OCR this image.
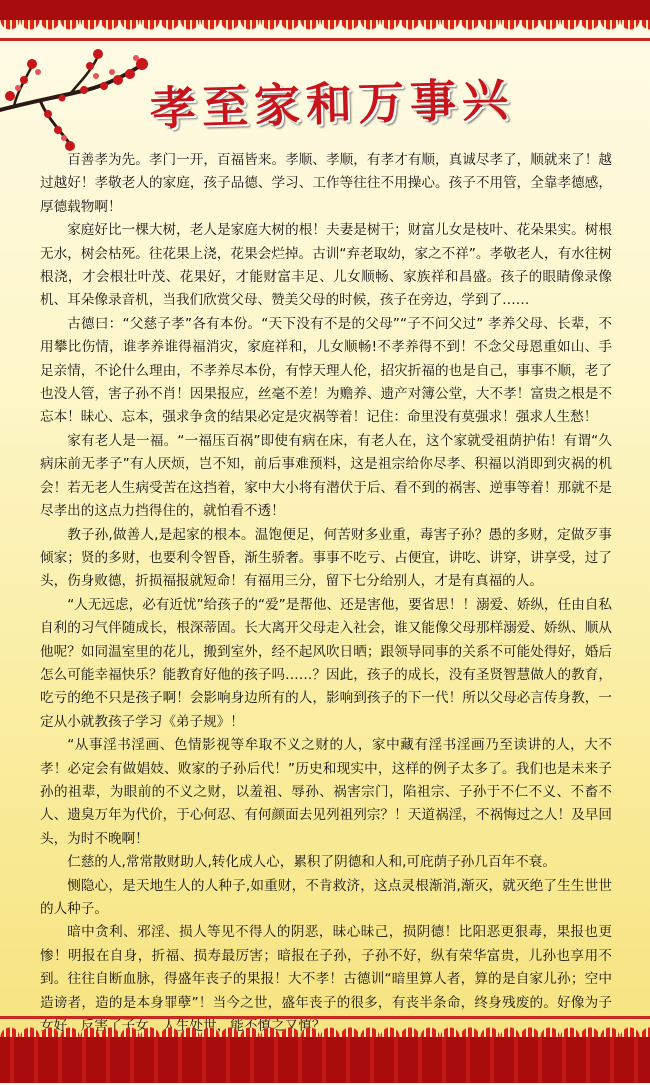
孝至家和万事兴

百善孝为先。孝门一开，百福皆来。孝顺、孝顺，有孝才有顺，真诚尽孝了，顺就来了！越过越好！孝敬老人的家庭，孩子品德、学习、工作等往往不用操心。孩子不用管，全靠孝德感，厚德载物啊！

家庭好比一棵大树，老人是家庭大树的根！夫妻是树干；财富儿女是枝叶、花朵果实。树根无水，树会枯死。往花果上浇，花果会烂掉。古训“弃老取幼，家之不祥”。孝敬老人，有水往树根浇，才会根壮叶茂、花果好，才能财富丰足、儿女顺畅、家族祥和昌盛。孩子的眼睛像录像机、耳朵像录音机，当我们欣赏父母、赞美父母的时候，孩子在旁边，学到了……

古德曰：“父慈子孝”各有本份。“天下没有不是的父母”“子不问父过” 孝养父母、长辈，不用攀比伤情，谁孝养谁得福消灾，家庭祥和，儿女顺畅!不孝养得不到！不念父母恩重如山、手足亲情，不论什么理由，不孝养尽本份，有悖天理人伦，招灾折福的也是自己，事事不顺，老了也没人管，害子孙不肖！因果报应，丝毫不差！为赡养、遗产对簿公堂，大不孝！富贵之根是不忘本！昧心、忘本，强求争贪的结果必定是灾祸等着！记住：命里没有莫强求！强求人生愁！

家有老人是一福。“一福压百祸”即使有病在床，有老人在，这个家就受祖荫护佑！有谓“久病床前无孝子”有人厌烦，岂不知，前后事难预料，这是祖宗给你尽孝、积福以消即到灾祸的机会！若无老人生病受苦在这挡着，家中大小将有潜伏于后、看不到的祸害、逆事等着！那就不是尽孝出的这点力挡得住的，就怕看不透！

教子孙,做善人,是起家的根本。温饱便足，何苦财多业重，毒害子孙？愚的多财，定做歹事倾家；贤的多财，也要利令智昏，渐生骄奢。事事不吃亏、占便宜，讲吃、讲穿，讲享受，过了头，伤身败德，折损福报就短命！有福用三分，留下七分给别人，才是有真福的人。

“人无远虑，必有近忧”给孩子的“爱”是帮他、还是害他，要省思！！溺爱、娇纵，任由自私自利的习气伴随成长，根深蒂固。长大离开父母走入社会，谁又能像父母那样溺爱、娇纵、顺从他呢？如同温室里的花儿，搬到室外，经不起风吹日晒；跟领导同事的关系不可能处得好，婚后怎么可能幸福快乐？能教育好他的孩子吗……？因此，孩子的成长，没有圣贤智慧做人的教育，吃亏的绝不只是孩子啊！会影响身边所有的人，影响到孩子的下一代！所以父母必言传身教，一定从小就教孩子学习《弟子规》！

“从事淫书淫画、色情影视等牟取不义之财的人，家中藏有淫书淫画乃至读讲的人，大不孝！必定会有做娼妓、败家的子孙后代！”历史和现实中，这样的例子太多了。我们也是未来子孙的祖辈，为眼前的不义之财，以羞祖、辱孙、祸害宗门，陷祖宗、子孙于不仁不义、不畜不人、遗臭万年为代价，于心何忍、有何颜面去见列祖列宗？！天道祸淫，不祸悔过之人！及早回头，为时不晚啊！

仁慈的人,常常散财助人,转化成人心，累积了阴德和人和,可庇荫子孙几百年不衰。

恻隐心，是天地生人的人种子,如重财，不肯救济，这点灵根渐消,渐灭，就灭绝了生生世世的人种子。

暗中贪利、邪淫、损人等见不得人的阴恶，昧心昧己，损阴德！比阳恶更狠毒，果报也更惨！明报在自身，折福、损寿最厉害；暗报在子孙，子孙不好，纵有荣华富贵，儿孙也享用不到。往往自断血脉，得盛年丧子的果报！大不孝！古德训“暗里算人者，算的是自家儿孙；空中造谤者，造的是本身罪孽”！当今之世，盛年丧子的很多，有丧半条命，终身残废的。好像为子
